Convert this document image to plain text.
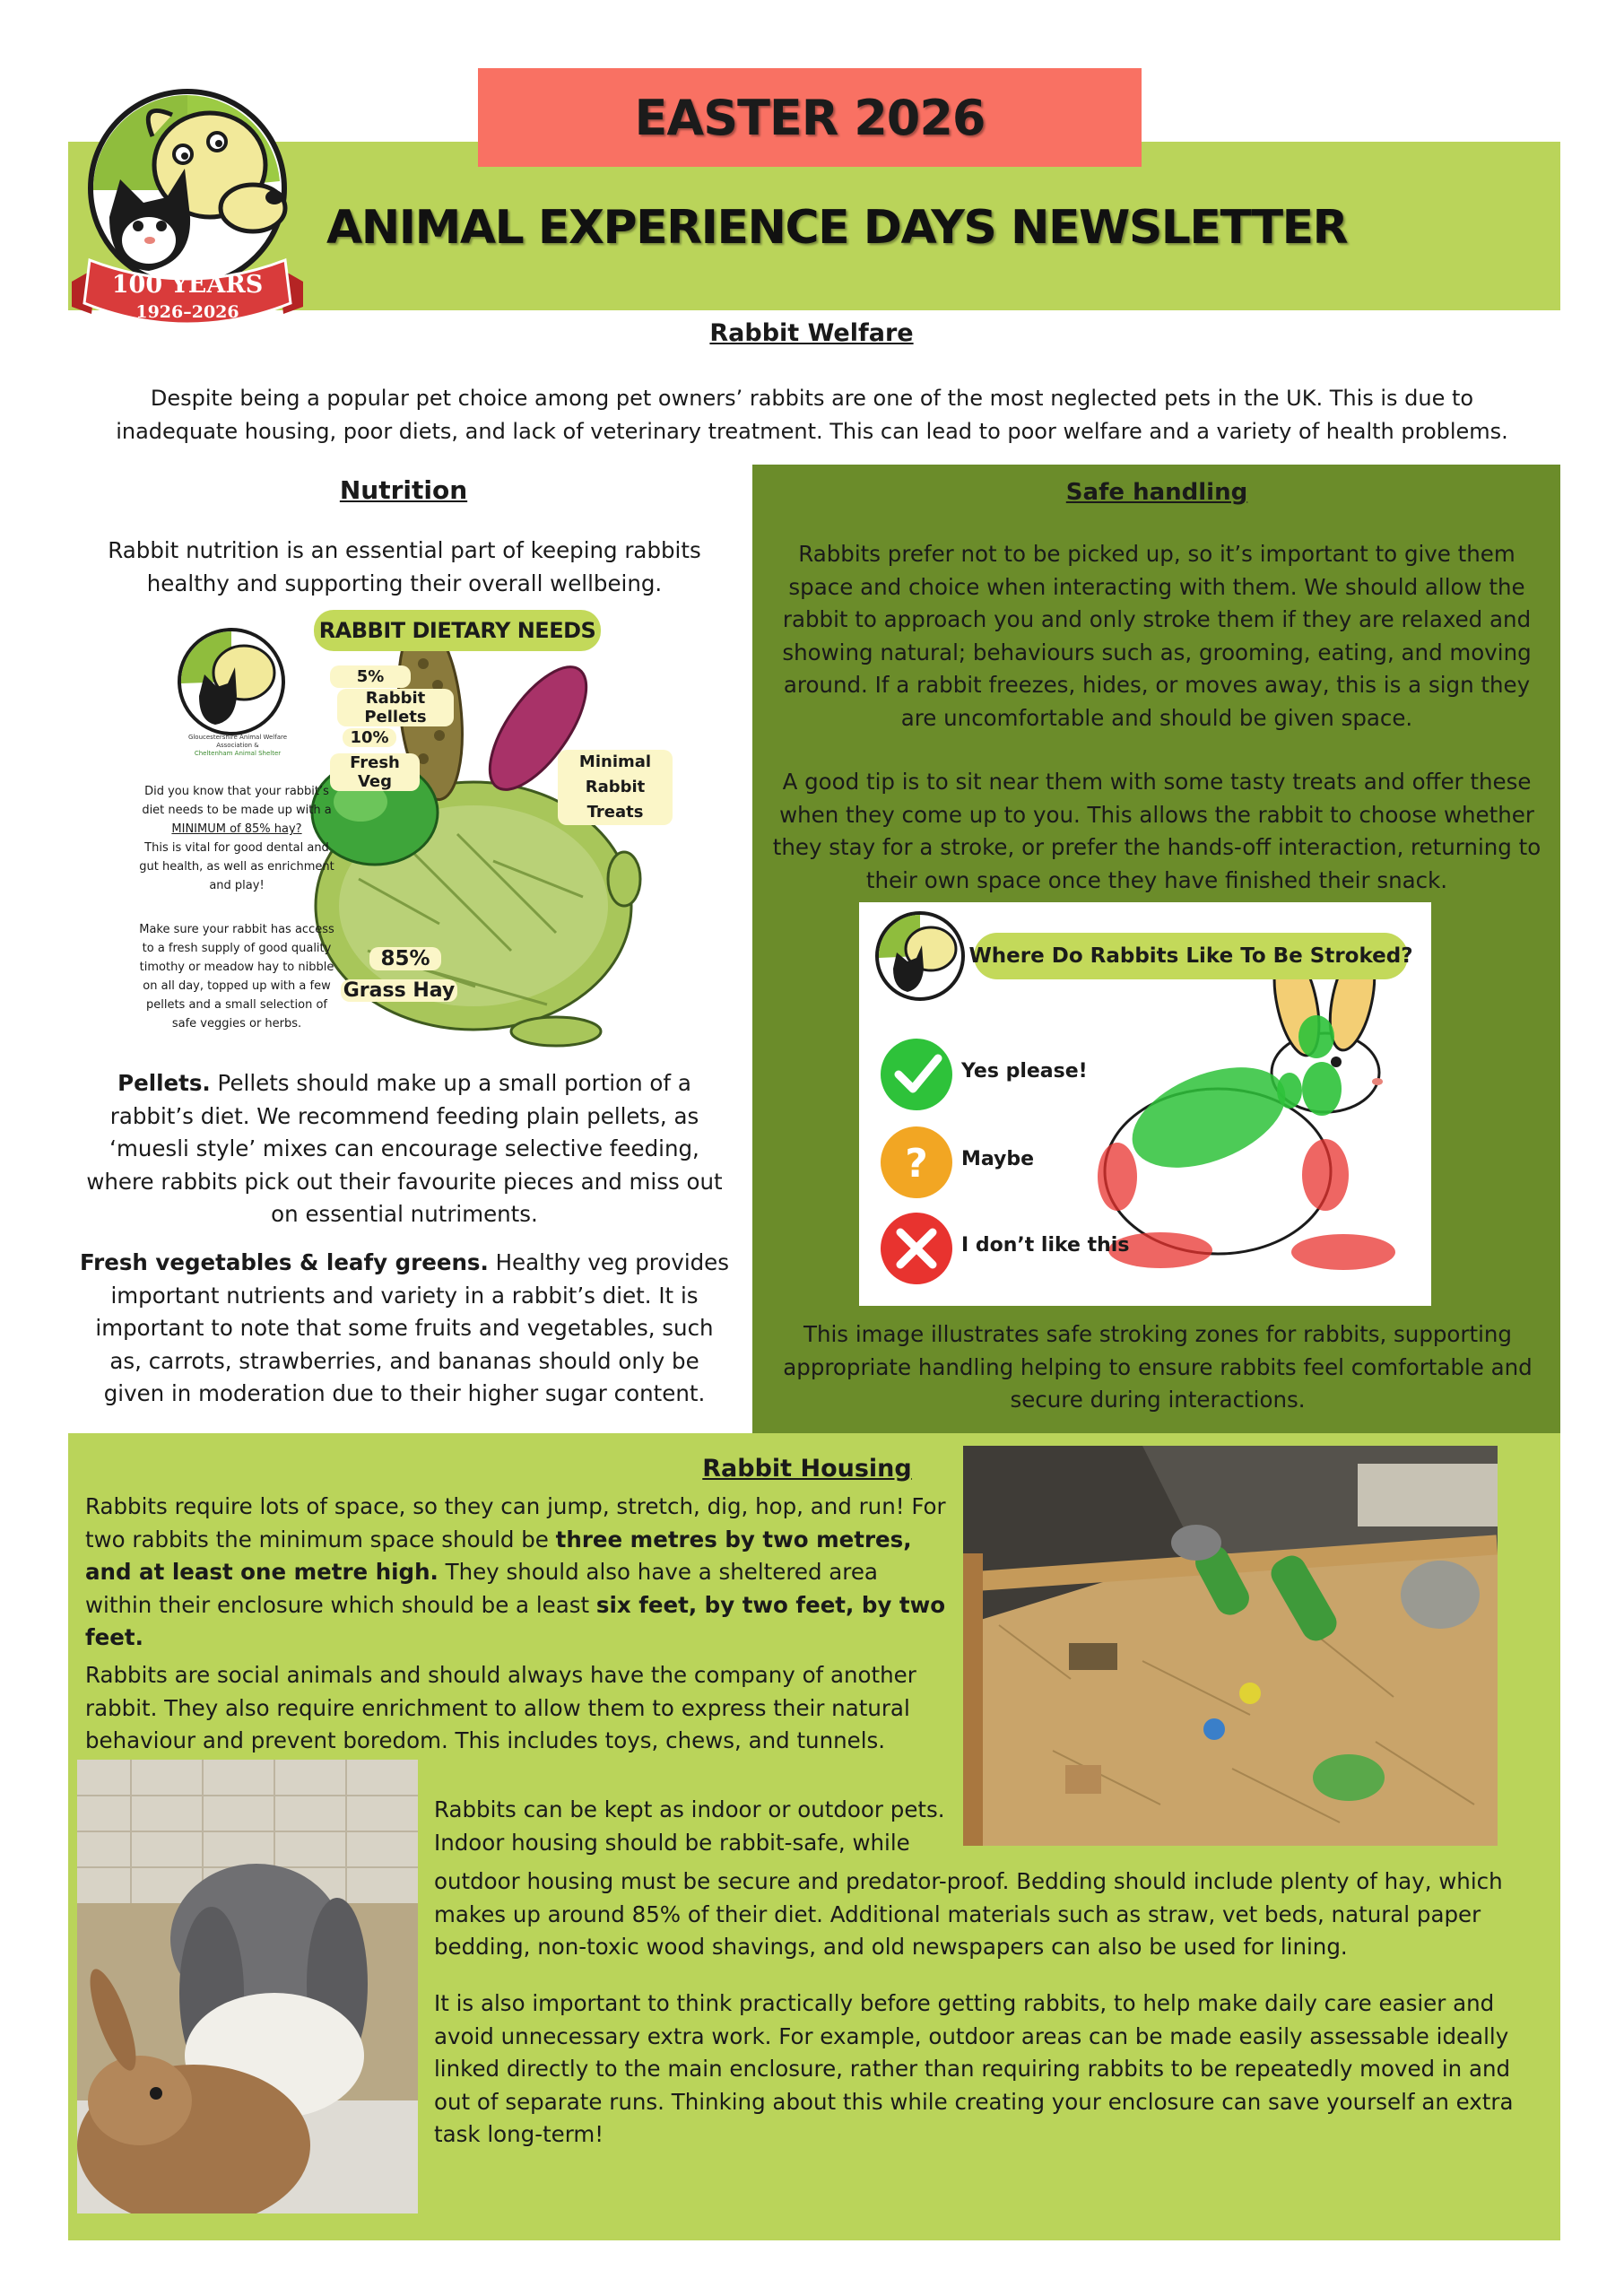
EASTER 2026
ANIMAL EXPERIENCE DAYS NEWSLETTER
100 YEARS
1926–2026
Rabbit Welfare
Despite being a popular pet choice among pet owners’ rabbits are one of the most neglected pets in the UK. This is due to
inadequate housing, poor diets, and lack of veterinary treatment. This can lead to poor welfare and a variety of health problems.
Nutrition
Rabbit nutrition is an essential part of keeping rabbits healthy and supporting their overall wellbeing.
RABBIT DIETARY NEEDS
Gloucestershire Animal Welfare Association &
Cheltenham Animal Shelter
5%
Rabbit Pellets
10%
Fresh Veg
Minimal
Rabbit Treats
85%
Grass Hay
Did you know that your rabbit’s diet needs to be made up with a MINIMUM of 85% hay?
This is vital for good dental and gut health, as well as enrichment and play!
Make sure your rabbit has access to a fresh supply of good quality timothy or meadow hay to nibble on all day, topped up with a few pellets and a small selection of safe veggies or herbs.
Pellets. Pellets should make up a small portion of a rabbit’s diet. We recommend feeding plain pellets, as ‘muesli style’ mixes can encourage selective feeding, where rabbits pick out their favourite pieces and miss out on essential nutriments.
Fresh vegetables & leafy greens. Healthy veg provides important nutrients and variety in a rabbit’s diet. It is important to note that some fruits and vegetables, such as, carrots, strawberries, and bananas should only be given in moderation due to their higher sugar content.
Safe handling
Rabbits prefer not to be picked up, so it’s important to give them space and choice when interacting with them. We should allow the rabbit to approach you and only stroke them if they are relaxed and showing natural; behaviours such as, grooming, eating, and moving around. If a rabbit freezes, hides, or moves away, this is a sign they are uncomfortable and should be given space.
A good tip is to sit near them with some tasty treats and offer these when they come up to you. This allows the rabbit to choose whether they stay for a stroke, or prefer the hands-off interaction, returning to their own space once they have finished their snack.
?
Where Do Rabbits Like To Be Stroked?
Yes please!
Maybe
I don’t like this
This image illustrates safe stroking zones for rabbits, supporting appropriate handling helping to ensure rabbits feel comfortable and secure during interactions.
Rabbit Housing
Rabbits require lots of space, so they can jump, stretch, dig, hop, and run! For two rabbits the minimum space should be three metres by two metres, and at least one metre high. They should also have a sheltered area within their enclosure which should be a least six feet, by two feet, by two feet.
Rabbits are social animals and should always have the company of another rabbit. They also require enrichment to allow them to express their natural behaviour and prevent boredom. This includes toys, chews, and tunnels.
Rabbits can be kept as indoor or outdoor pets.
Indoor housing should be rabbit-safe, while
outdoor housing must be secure and predator-proof. Bedding should include plenty of hay, which makes up around 85% of their diet. Additional materials such as straw, vet beds, natural paper bedding, non-toxic wood shavings, and old newspapers can also be used for lining.
It is also important to think practically before getting rabbits, to help make daily care easier and avoid unnecessary extra work. For example, outdoor areas can be made easily assessable ideally linked directly to the main enclosure, rather than requiring rabbits to be repeatedly moved in and out of separate runs. Thinking about this while creating your enclosure can save yourself an extra task long-term!
